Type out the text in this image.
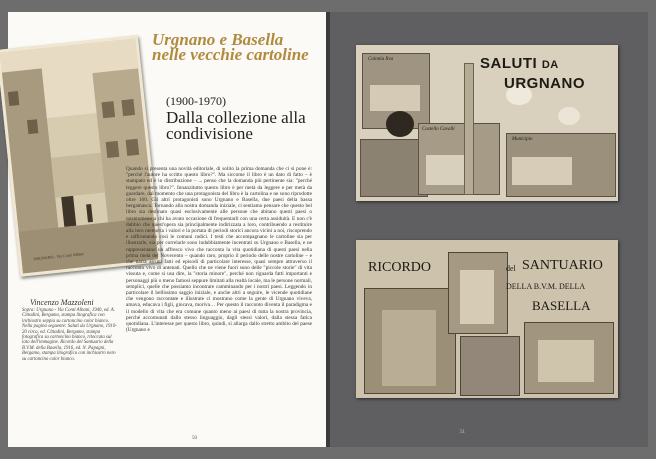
URGNANO - Via Conti Albani
Urgnano e Basella nelle vecchie cartoline
(1900-1970)
Dalla collezione alla condivisione
Quando si presenta una novità editoriale, di solito la prima domanda che ci si pone è: "perché l'autore ha scritto questo libro?". Ma siccome il libro è un dato di fatto – è stampato ed è in distribuzione – ... penso che la domanda più pertinente sia: "perché leggere questo libro?". Innanzitutto questo libro è per metà da leggere e per metà da guardare, dal momento che una protagonista del libro è la cartolina e ne sono riprodotte oltre 160. Gli altri protagonisti sono Urgnano e Basella, due paesi della bassa bergamasca. Tornando alla nostra domanda iniziale, ci sentiamo pensare che questo bel libro sia destinato quasi esclusivamente alle persone che abitano questi paesi o quantomeno a chi ha avuto occasione di frequentarli con una certa assiduità. E non c'è dubbio che quest'opera sia principalmente indirizzata a loro, contribuendo a restituire alla loro memoria i valori e la portata di periodi storici ancora vicini a noi, riscoprendo e raffrontando così le comuni radici. I testi che accompagnano le cartoline sia per illustrarle, sia per correlarle sono indubbiamente incentrati su Urgnano e Basella, e ne rappresentano un affresco vivo che racconta la vita quotidiana di questi paesi nella prima metà del Novecento – quando raro, proprio il periodo delle nostre cartoline – e che narra alcuni fatti ed episodi di particolare interesse, quasi sempre attraverso il racconto vivo di antenati. Quello che ne viene fuori sono delle "piccole storie" di vita vissuta e, come si usa dire, la "storia minore", perché non riguarda fatti importanti e personaggi più o meno famosi seppure limitati alla realtà locale, ma le persone normali, semplici, quelle che possiamo incontrare camminando per i nostri paesi. Leggendo in particolare il bellissimo saggio iniziale, e anche altri a seguire, le vicende quotidiane che vengono raccontate e illustrate ci mostrano come la gente di Urgnano viveva, amava, educava i figli, giocava, moriva… Per questo il racconto diventa il paradigma e il modello di vita che era comune quanto meno ai paesi di tutta la nostra provincia, perché accomunati dallo stesso linguaggio, dagli stessi valori, dalla stessa fatica quotidiana. L'interesse per questo libro, quindi, si allarga dallo stretto ambito del paese (Urgnano e
Vincenzo Mazzoleni
Sopra: Urgnano - Via Conti Albani, 1940, ed. A. Cittadini, Bergamo, stampa litografica con inchiostro seppia su cartoncino color bianco. Nella pagina seguente: Saluti da Urgnano, 1910-20 circa, ed. Cittadini, Bergamo, stampa fotografica su cartoncino bianco, ritoccata sul lato dell'immagine. Ricordo del Santuario della B.V.M. della Basella, 1916, ed. N. Papagni, Bergamo, stampa litografica con inchiostro nero su cartoncino color bianco.
50
SALUTI DA
URGNANO
Colonia Ilva
Castello Cavalli
Municipio
RICORDO	del SANTUARIO
DELLA B.V.M. DELLA
BASELLA
51
